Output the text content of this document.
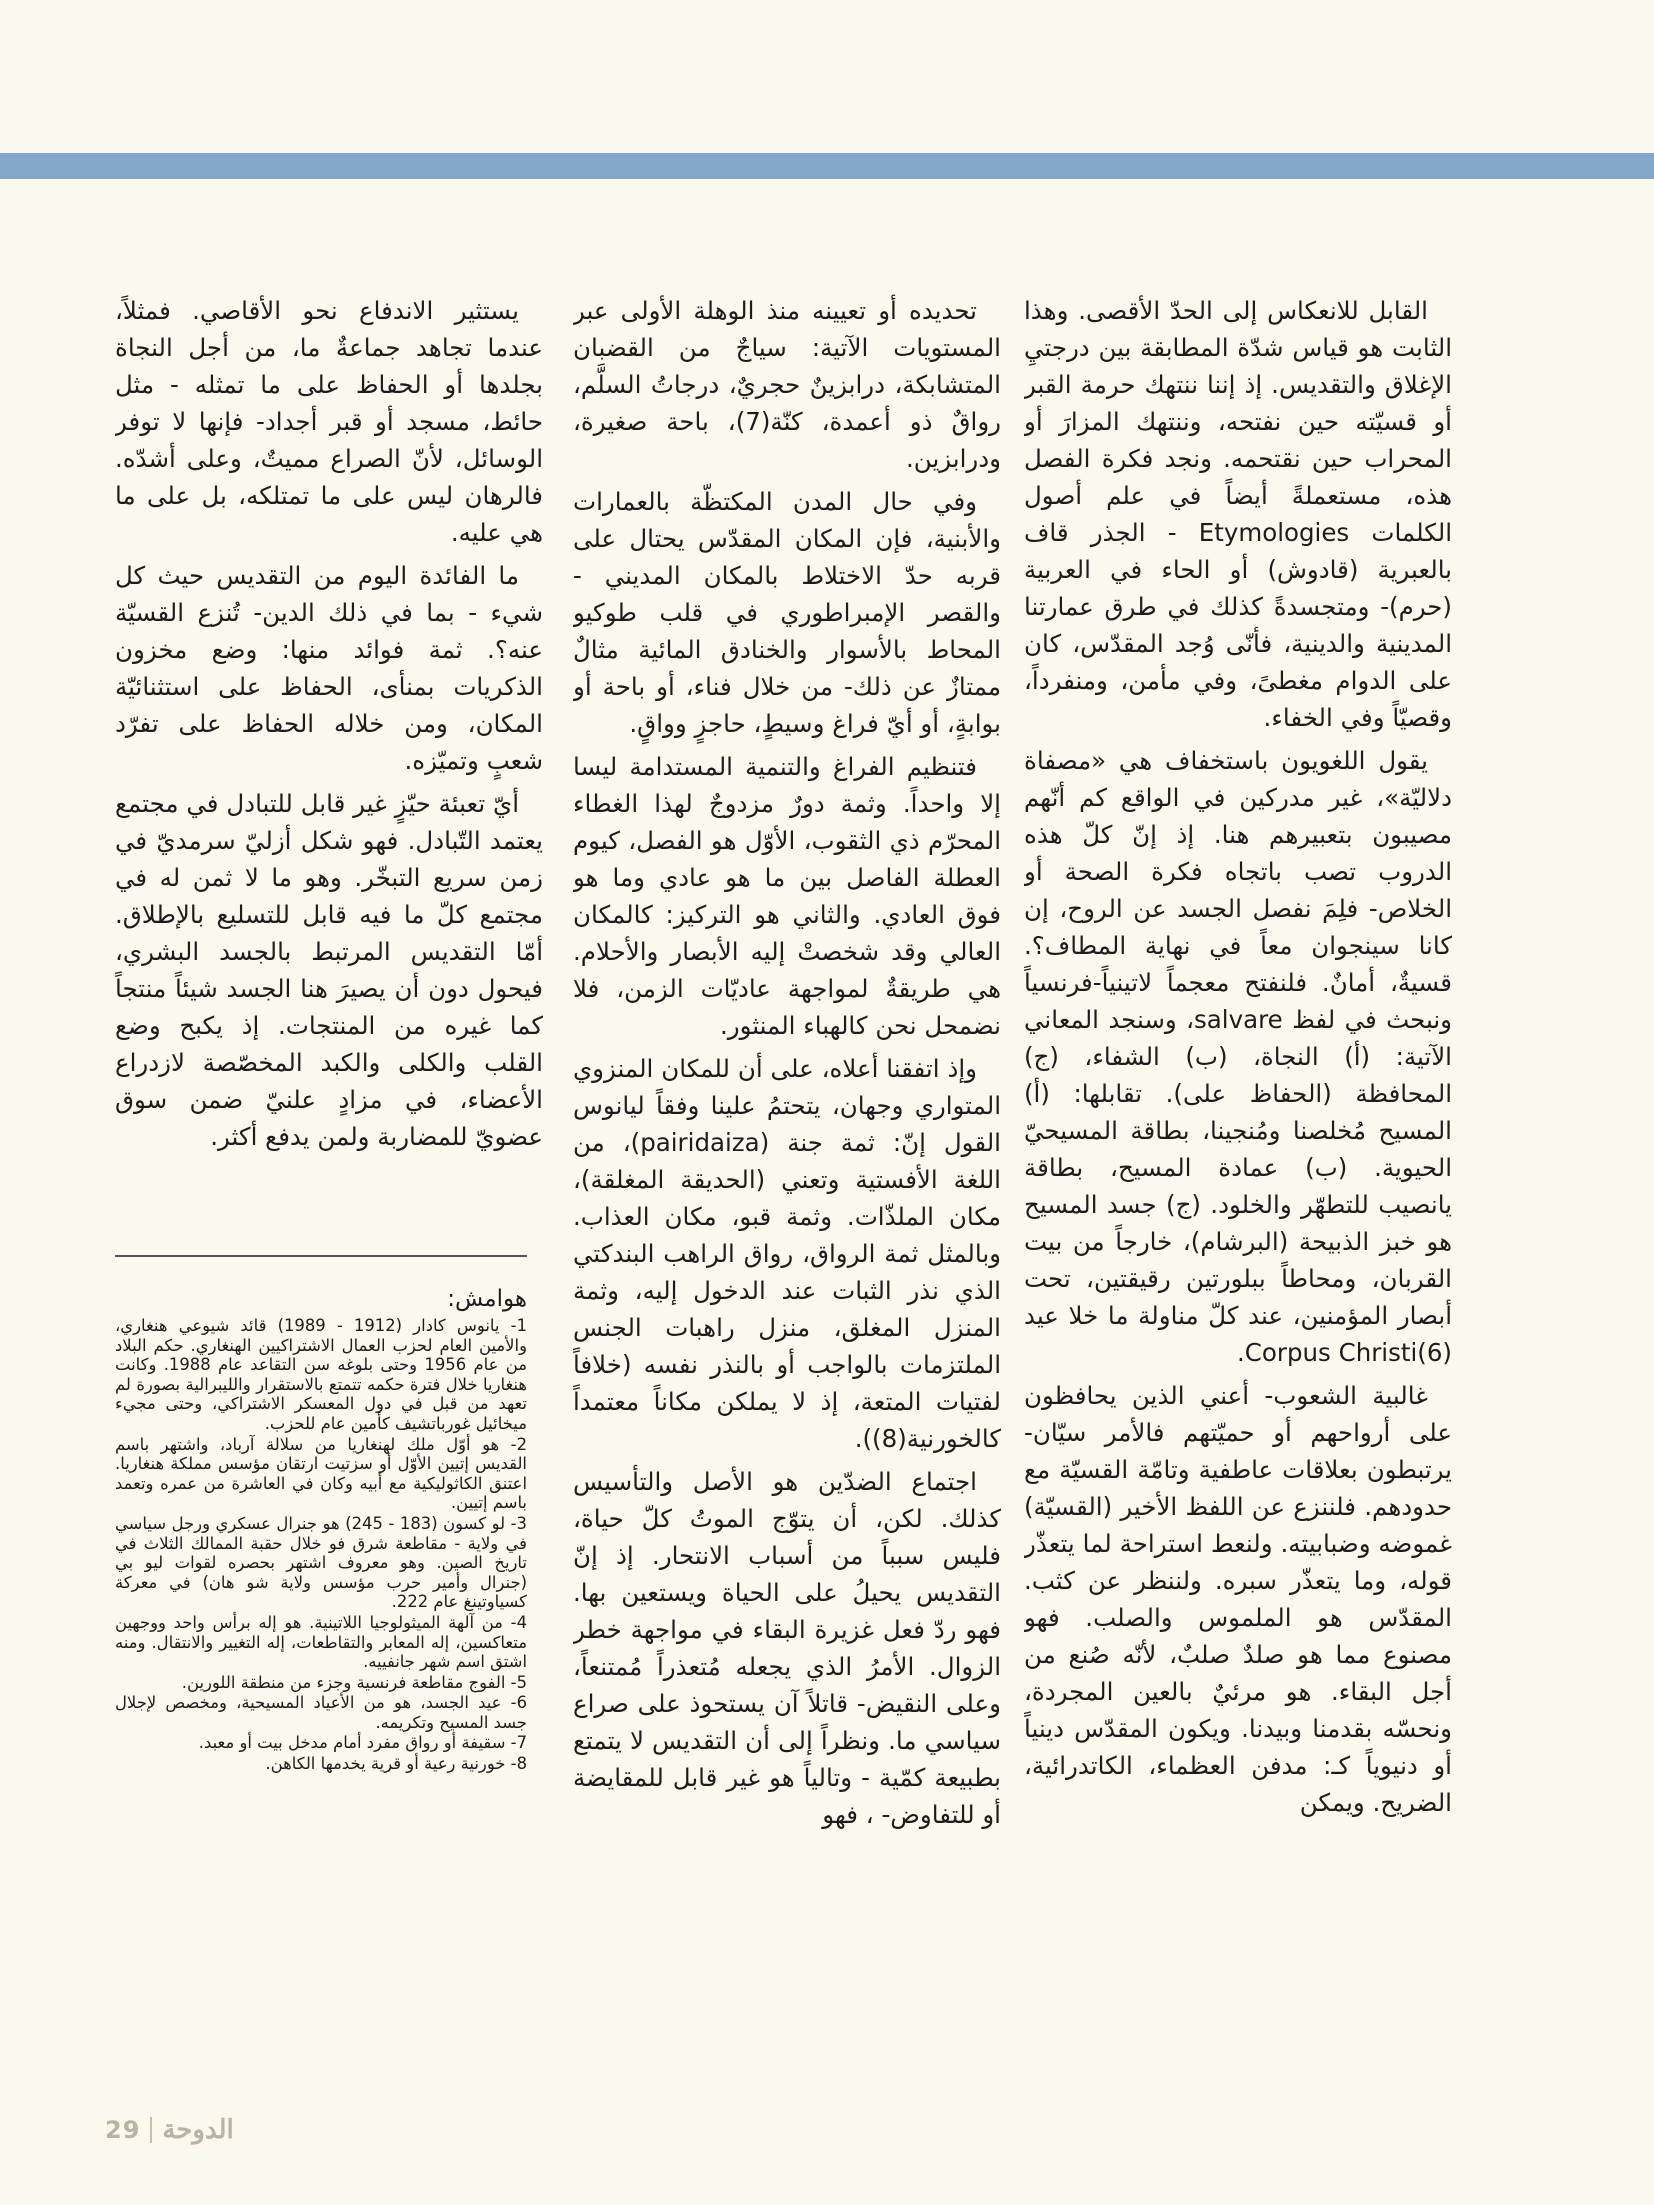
القابل للانعكاس إلى الحدّ الأقصى. وهذا الثابت هو قياس شدّة المطابقة بين درجتيِ الإغلاق والتقديس. إذ إننا ننتهك حرمة القبر أو قسيّته حين نفتحه، وننتهك المزارَ أو المحراب حين نقتحمه. ونجد فكرة الفصل هذه، مستعملةً أيضاً في علم أصول الكلمات Etymologies - الجذر قاف بالعبرية (قادوش) أو الحاء في العربية (حرم)- ومتجسدةً كذلك في طرق عمارتنا المدينية والدينية، فأنّى وُجد المقدّس، كان على الدوام مغطىً، وفي مأمن، ومنفرداً، وقصيّاً وفي الخفاء.

يقول اللغويون باستخفاف هي «مصفاة دلاليّة»، غير مدركين في الواقع كم أنّهم مصيبون بتعبيرهم هنا. إذ إنّ كلّ هذه الدروب تصب باتجاه فكرة الصحة أو الخلاص- فلِمَ نفصل الجسد عن الروح، إن كانا سينجوان معاً في نهاية المطاف؟. قسيةٌ، أمانٌ. فلنفتح معجماً لاتينياً-فرنسياً ونبحث في لفظ salvare، وسنجد المعاني الآتية: (أ) النجاة، (ب) الشفاء، (ج) المحافظة (الحفاظ على). تقابلها: (أ) المسيح مُخلصنا ومُنجينا، بطاقة المسيحيّ الحيوية. (ب) عمادة المسيح، بطاقة يانصيب للتطهّر والخلود. (ج) جسد المسيح هو خبز الذبيحة (البرشام)، خارجاً من بيت القربان، ومحاطاً ببلورتين رقيقتين، تحت أبصار المؤمنين، عند كلّ مناولة ما خلا عيد Corpus Christi(6).

غالبية الشعوب- أعني الذين يحافظون على أرواحهم أو حميّتهم فالأمر سيّان- يرتبطون بعلاقات عاطفية وتامّة القسيّة مع حدودهم. فلننزع عن اللفظ الأخير (القسيّة) غموضه وضبابيته. ولنعط استراحة لما يتعذّر قوله، وما يتعذّر سبره. ولننظر عن كثب. المقدّس هو الملموس والصلب. فهو مصنوع مما هو صلدٌ صلبٌ، لأنّه صُنع من أجل البقاء. هو مرئيٌ بالعين المجردة، ونحسّه بقدمنا وبيدنا. ويكون المقدّس دينياً أو دنيوياً كـ: مدفن العظماء، الكاتدرائية، الضريح. ويمكن

تحديده أو تعيينه منذ الوهلة الأولى عبر المستويات الآتية: سياجٌ من القضبان المتشابكة، درابزينٌ حجريٌ، درجاتُ السلَّم، رواقٌ ذو أعمدة، كنّة(7)، باحة صغيرة، ودرابزين.

وفي حال المدن المكتظّة بالعمارات والأبنية، فإن المكان المقدّس يحتال على قربه حدّ الاختلاط بالمكان المديني - والقصر الإمبراطوري في قلب طوكيو المحاط بالأسوار والخنادق المائية مثالٌ ممتازٌ عن ذلك- من خلال فناء، أو باحة أو بوابةٍ، أو أيّ فراغ وسيطٍ، حاجزٍ وواقٍ.

فتنظيم الفراغ والتنمية المستدامة ليسا إلا واحداً. وثمة دورٌ مزدوجٌ لهذا الغطاء المحرّم ذي الثقوب، الأوّل هو الفصل، كيوم العطلة الفاصل بين ما هو عادي وما هو فوق العادي. والثاني هو التركيز: كالمكان العالي وقد شخصتْ إليه الأبصار والأحلام. هي طريقةٌ لمواجهة عاديّات الزمن، فلا نضمحل نحن كالهباء المنثور.

وإذ اتفقنا أعلاه، على أن للمكان المنزوي المتواري وجهان، يتحتمُ علينا وفقاً ليانوس القول إنّ: ثمة جنة (pairidaiza)، من اللغة الأفستية وتعني (الحديقة المغلقة)، مكان الملذّات. وثمة قبو، مكان العذاب. وبالمثل ثمة الرواق، رواق الراهب البندكتي الذي نذر الثبات عند الدخول إليه، وثمة المنزل المغلق، منزل راهبات الجنس الملتزمات بالواجب أو بالنذر نفسه (خلافاً لفتيات المتعة، إذ لا يملكن مكاناً معتمداً كالخورنية(8)).

اجتماع الضدّين هو الأصل والتأسيس كذلك. لكن، أن يتوّج الموتُ كلّ حياة، فليس سبباً من أسباب الانتحار. إذ إنّ التقديس يحيلُ على الحياة ويستعين بها. فهو ردّ فعل غزيرة البقاء في مواجهة خطر الزوال. الأمرُ الذي يجعله مُتعذراً مُمتنعاً، وعلى النقيض- قاتلاً آن يستحوذ على صراع سياسي ما. ونظراً إلى أن التقديس لا يتمتع بطبيعة كمّية - وتالياً هو غير قابل للمقايضة أو للتفاوض- ، فهو

يستثير الاندفاع نحو الأقاصي. فمثلاً، عندما تجاهد جماعةٌ ما، من أجل النجاة بجلدها أو الحفاظ على ما تمثله - مثل حائط، مسجد أو قبر أجداد- فإنها لا توفر الوسائل، لأنّ الصراع مميتٌ، وعلى أشدّه. فالرهان ليس على ما تمتلكه، بل على ما هي عليه.

ما الفائدة اليوم من التقديس حيث كل شيء - بما في ذلك الدين- تُنزع القسيّة عنه؟. ثمة فوائد منها: وضع مخزون الذكريات بمنأى، الحفاظ على استثنائيّة المكان، ومن خلاله الحفاظ على تفرّد شعبٍ وتميّزه.

أيّ تعبئة حيّزٍ غير قابل للتبادل في مجتمع يعتمد التّبادل. فهو شكل أزليّ سرمديّ في زمن سريع التبخّر. وهو ما لا ثمن له في مجتمع كلّ ما فيه قابل للتسليع بالإطلاق. أمّا التقديس المرتبط بالجسد البشري، فيحول دون أن يصيرَ هنا الجسد شيئاً منتجاً كما غيره من المنتجات. إذ يكبح وضع القلب والكلى والكبد المخصّصة لازدراع الأعضاء، في مزادٍ علنيّ ضمن سوق عضويّ للمضاربة ولمن يدفع أكثر.

هوامش:

1- يانوس كادار (1912 - 1989) قائد شيوعي هنغاري، والأمين العام لحزب العمال الاشتراكيين الهنغاري. حكم البلاد من عام 1956 وحتى بلوغه سن التقاعد عام 1988. وكانت هنغاريا خلال فترة حكمه تتمتع بالاستقرار والليبرالية بصورة لم تعهد من قبل في دول المعسكر الاشتراكي، وحتى مجيء ميخائيل غورباتشيف كأمين عام للحزب.

2- هو أوّل ملك لهنغاريا من سلالة آرباد، واشتهر باسم القديس إتيين الأوّل أو سزتيت ارتقان مؤسس مملكة هنغاريا. اعتنق الكاثوليكية مع أبيه وكان في العاشرة من عمره وتعمد باسم إتيين.

3- لو كسون (183 - 245) هو جنرال عسكري ورجل سياسي في ولاية - مقاطعة شرق فو خلال حقبة الممالك الثلاث في تاريخ الصين. وهو معروف اشتهر بحصره لقوات ليو بي (جنرال وأمير حرب مؤسس ولاية شو هان) في معركة كسياوتينغ عام 222.

4- من آلهة الميثولوجيا اللاتينية. هو إله برأس واحد ووجهين متعاكسين، إله المعابر والتقاطعات، إله التغيير والانتقال. ومنه اشتق اسم شهر جانفييه.

5- الفوج مقاطعة فرنسية وجزء من منطقة اللورين.

6- عيد الجسد، هو من الأعياد المسيحية، ومخصص لإجلال جسد المسيح وتكريمه.

7- سقيفة أو رواق مفرد أمام مدخل بيت أو معبد.

8- خورنية رعية أو قرية يخدمها الكاهن.

29 الدوحة
